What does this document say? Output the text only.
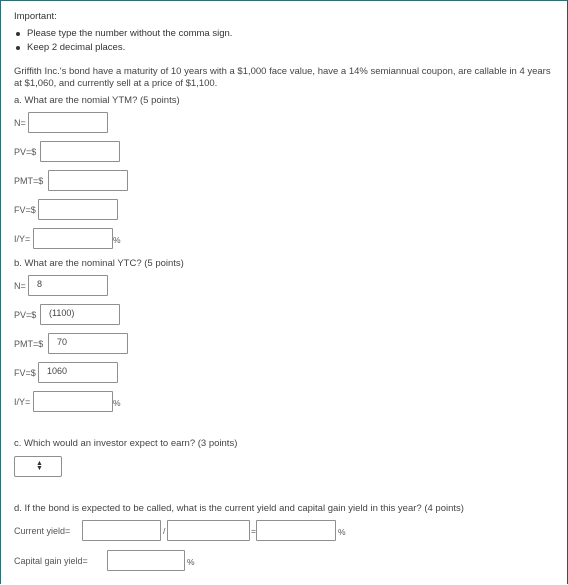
Important:
Please type the number without the comma sign.
Keep 2 decimal places.
Griffith Inc.'s bond have a maturity of 10 years with a $1,000 face value, have a 14% semiannual coupon, are callable in 4 years at $1,060, and currently sell at a price of $1,100.
a. What are the nomial YTM? (5 points)
N=
PV=$
PMT=$
FV=$
I/Y=	%
b. What are the nominal YTC? (5 points)
N=	8
PV=$	(1100)
PMT=$	70
FV=$	1060
I/Y=	%
c. Which would an investor expect to earn? (3 points)
▲
▼
d. If the bond is expected to be called, what is the current yield and capital gain yield in this year? (4 points)
Current yield=	/	=	%
Capital gain yield=	%
